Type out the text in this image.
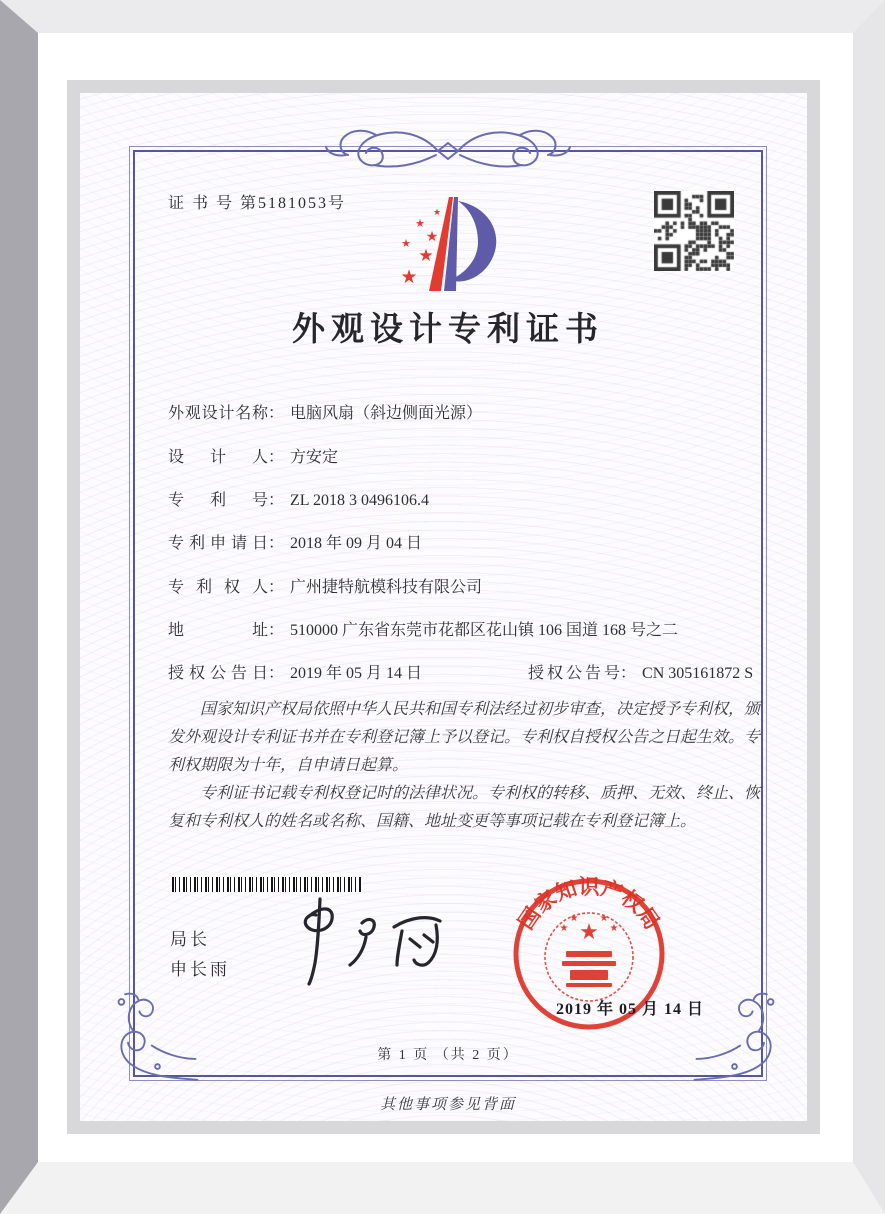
证 书 号 第5181053号
★
★
★
★
★
★
外观设计专利证书
外观设计名称： 电脑风扇（斜边侧面光源）
设计人： 方安定
专利号： ZL 2018 3 0496106.4
专利申请日： 2018 年 09 月 04 日
专利权人： 广州捷特航模科技有限公司
地址： 510000 广东省东莞市花都区花山镇 106 国道 168 号之二
授权公告日： 2019 年 05 月 14 日	授权公告号： CN 305161872 S

国家知识产权局依照中华人民共和国专利法经过初步审查，决定授予专利权，颁发外观设计专利证书并在专利登记簿上予以登记。专利权自授权公告之日起生效。专利权期限为十年，自申请日起算。

专利证书记载专利权登记时的法律状况。专利权的转移、质押、无效、终止、恢复和专利权人的姓名或名称、国籍、地址变更等事项记载在专利登记簿上。

局长
申长雨
国家知识产权局
★
★
★ ★
★
2019 年 05 月 14 日
第 1 页 （共 2 页）
其他事项参见背面
